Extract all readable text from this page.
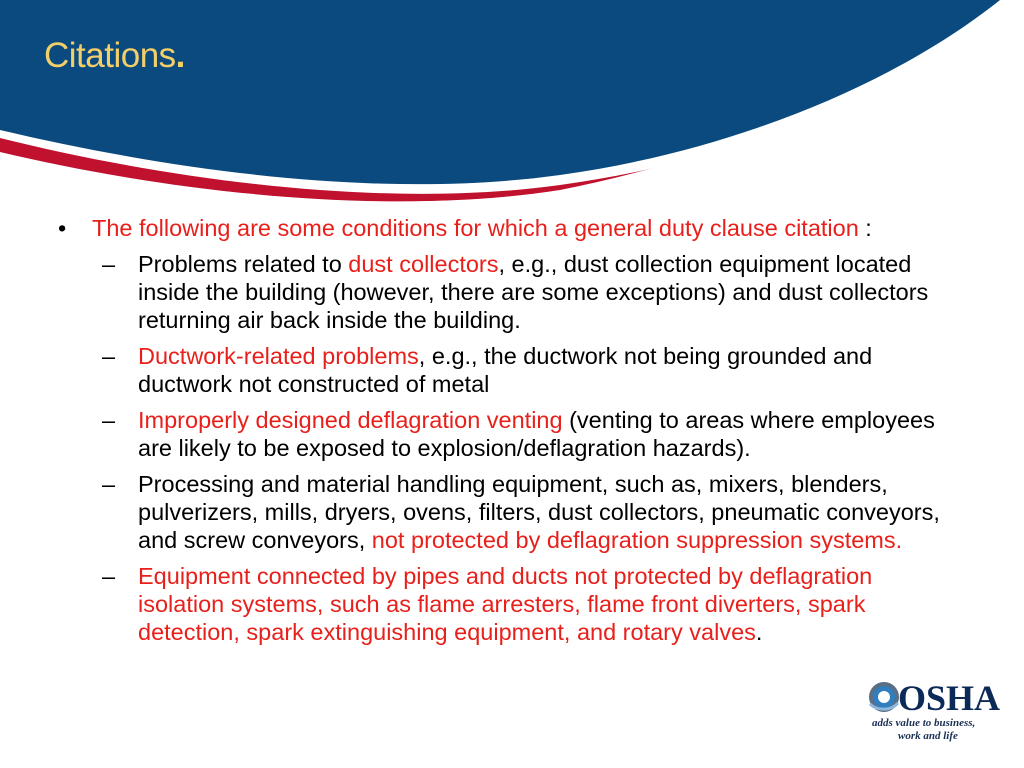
Citations.
• The following are some conditions for which a general duty clause citation :
– Problems related to dust collectors, e.g., dust collection equipment located inside the building (however, there are some exceptions) and dust collectors returning air back inside the building.
– Ductwork-related problems, e.g., the ductwork not being grounded and ductwork not constructed of metal
– Improperly designed deflagration venting (venting to areas where employees are likely to be exposed to explosion/deflagration hazards).
– Processing and material handling equipment, such as, mixers, blenders, pulverizers, mills, dryers, ovens, filters, dust collectors, pneumatic conveyors, and screw conveyors, not protected by deflagration suppression systems.
– Equipment connected by pipes and ducts not protected by deflagration isolation systems, such as flame arresters, flame front diverters, spark detection, spark extinguishing equipment, and rotary valves.
OSHA
adds value to business,
work and life
